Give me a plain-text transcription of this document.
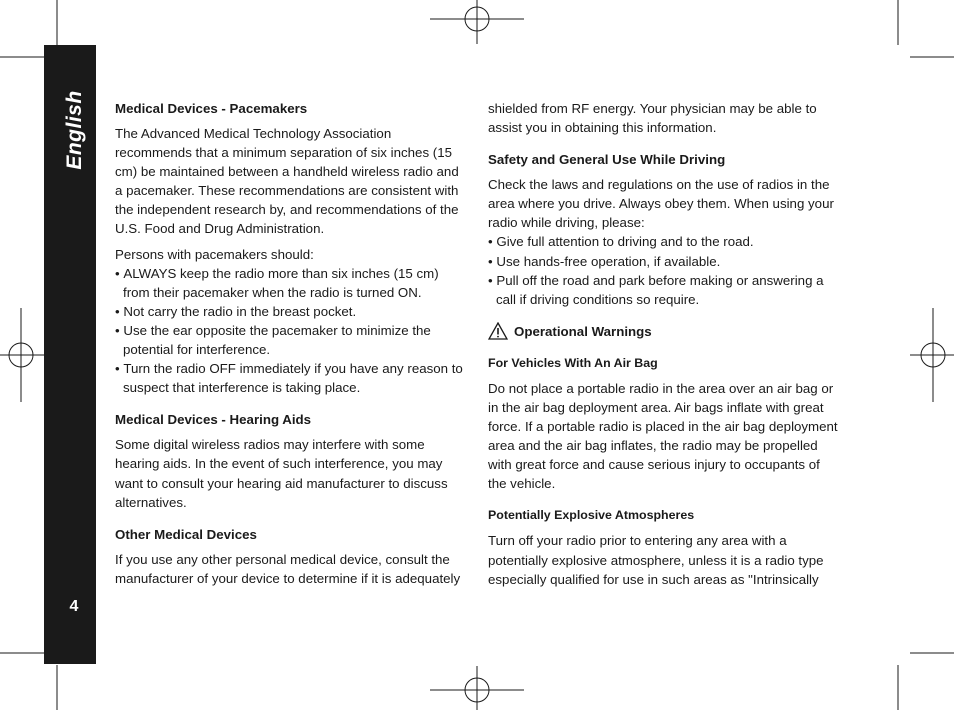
English
4
Medical Devices - Pacemakers

The Advanced Medical Technology Association recommends that a minimum separation of six inches (15 cm) be maintained between a handheld wireless radio and a pacemaker. These recommendations are consistent with the independent research by, and recommendations of the U.S. Food and Drug Administration.

Persons with pacemakers should:

• ALWAYS keep the radio more than six inches (15 cm) from their pacemaker when the radio is turned ON.
• Not carry the radio in the breast pocket.
• Use the ear opposite the pacemaker to minimize the potential for interference.
• Turn the radio OFF immediately if you have any reason to suspect that interference is taking place.
Medical Devices - Hearing Aids

Some digital wireless radios may interfere with some hearing aids. In the event of such interference, you may want to consult your hearing aid manufacturer to discuss alternatives.

Other Medical Devices

If you use any other personal medical device, consult the manufacturer of your device to determine if it is adequately

shielded from RF energy. Your physician may be able to assist you in obtaining this information.

Safety and General Use While Driving

Check the laws and regulations on the use of radios in the area where you drive. Always obey them. When using your radio while driving, please:

• Give full attention to driving and to the road.
• Use hands-free operation, if available.
• Pull off the road and park before making or answering a call if driving conditions so require.
Operational Warnings
For Vehicles With An Air Bag

Do not place a portable radio in the area over an air bag or in the air bag deployment area. Air bags inflate with great force. If a portable radio is placed in the air bag deployment area and the air bag inflates, the radio may be propelled with great force and cause serious injury to occupants of the vehicle.

Potentially Explosive Atmospheres

Turn off your radio prior to entering any area with a potentially explosive atmosphere, unless it is a radio type especially qualified for use in such areas as "Intrinsically
